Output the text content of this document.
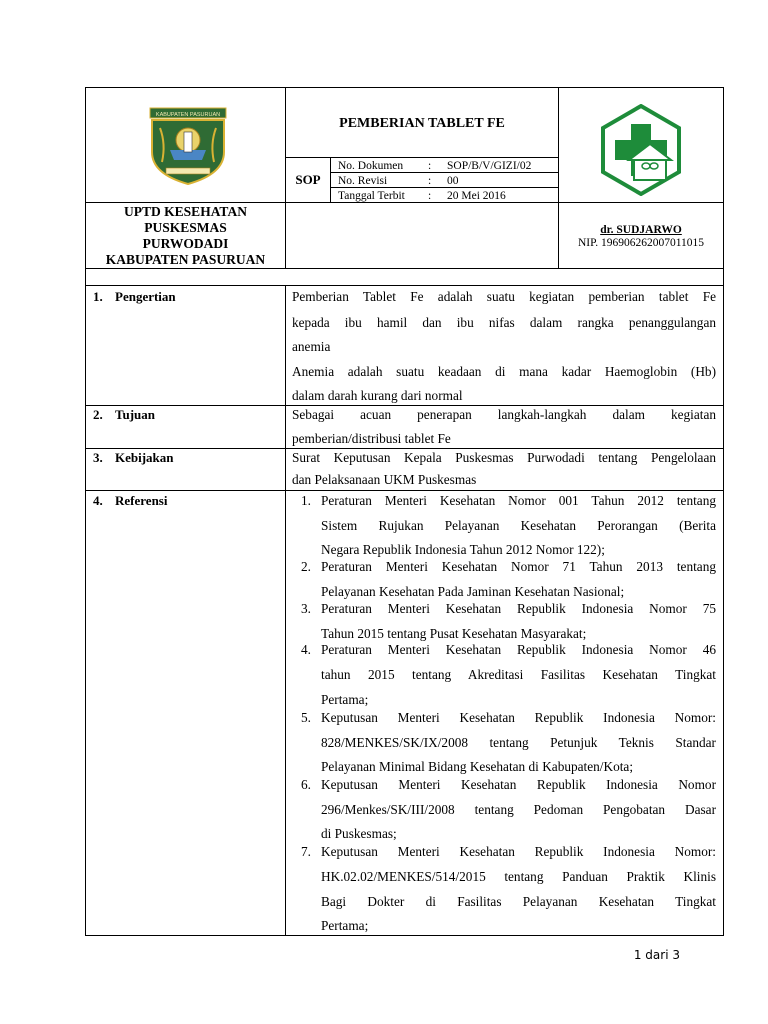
KABUPATEN PASURUAN
PEMBERIAN TABLET FE
SOP
No. Dokumen : SOP/B/V/GIZI/02
No. Revisi	: 00
Tanggal Terbit : 20 Mei 2016
UPTD KESEHATAN
PUSKESMAS
PURWODADI
KABUPATEN PASURUAN
dr. SUDJARWO
NIP. 196906262007011015
1. Pengertian	Pemberian Tablet Fe adalah suatu kegiatan pemberian tablet Fe
kepada ibu hamil dan ibu nifas dalam rangka penanggulangan
anemia
Anemia adalah suatu keadaan di mana kadar Haemoglobin (Hb)
dalam darah kurang dari normal
2. Tujuan	Sebagai acuan penerapan langkah-langkah dalam kegiatan
pemberian/distribusi tablet Fe
3. Kebijakan	Surat Keputusan Kepala Puskesmas Purwodadi tentang Pengelolaan
dan Pelaksanaan UKM Puskesmas
4. Referensi	1. Peraturan Menteri Kesehatan Nomor 001 Tahun 2012 tentang
Sistem Rujukan Pelayanan Kesehatan Perorangan (Berita
Negara Republik Indonesia Tahun 2012 Nomor 122);
2. Peraturan Menteri Kesehatan Nomor 71 Tahun 2013 tentang
Pelayanan Kesehatan Pada Jaminan Kesehatan Nasional;
3. Peraturan Menteri Kesehatan Republik Indonesia Nomor 75
Tahun 2015 tentang Pusat Kesehatan Masyarakat;
4. Peraturan Menteri Kesehatan Republik Indonesia Nomor 46
tahun 2015 tentang Akreditasi Fasilitas Kesehatan Tingkat
Pertama;
5. Keputusan Menteri Kesehatan Republik Indonesia Nomor:
828/MENKES/SK/IX/2008 tentang Petunjuk Teknis Standar
Pelayanan Minimal Bidang Kesehatan di Kabupaten/Kota;
6. Keputusan Menteri Kesehatan Republik Indonesia Nomor
296/Menkes/SK/III/2008 tentang Pedoman Pengobatan Dasar
di Puskesmas;
7. Keputusan Menteri Kesehatan Republik Indonesia Nomor:
HK.02.02/MENKES/514/2015 tentang Panduan Praktik Klinis
Bagi Dokter di Fasilitas Pelayanan Kesehatan Tingkat
Pertama;
1 dari 3
